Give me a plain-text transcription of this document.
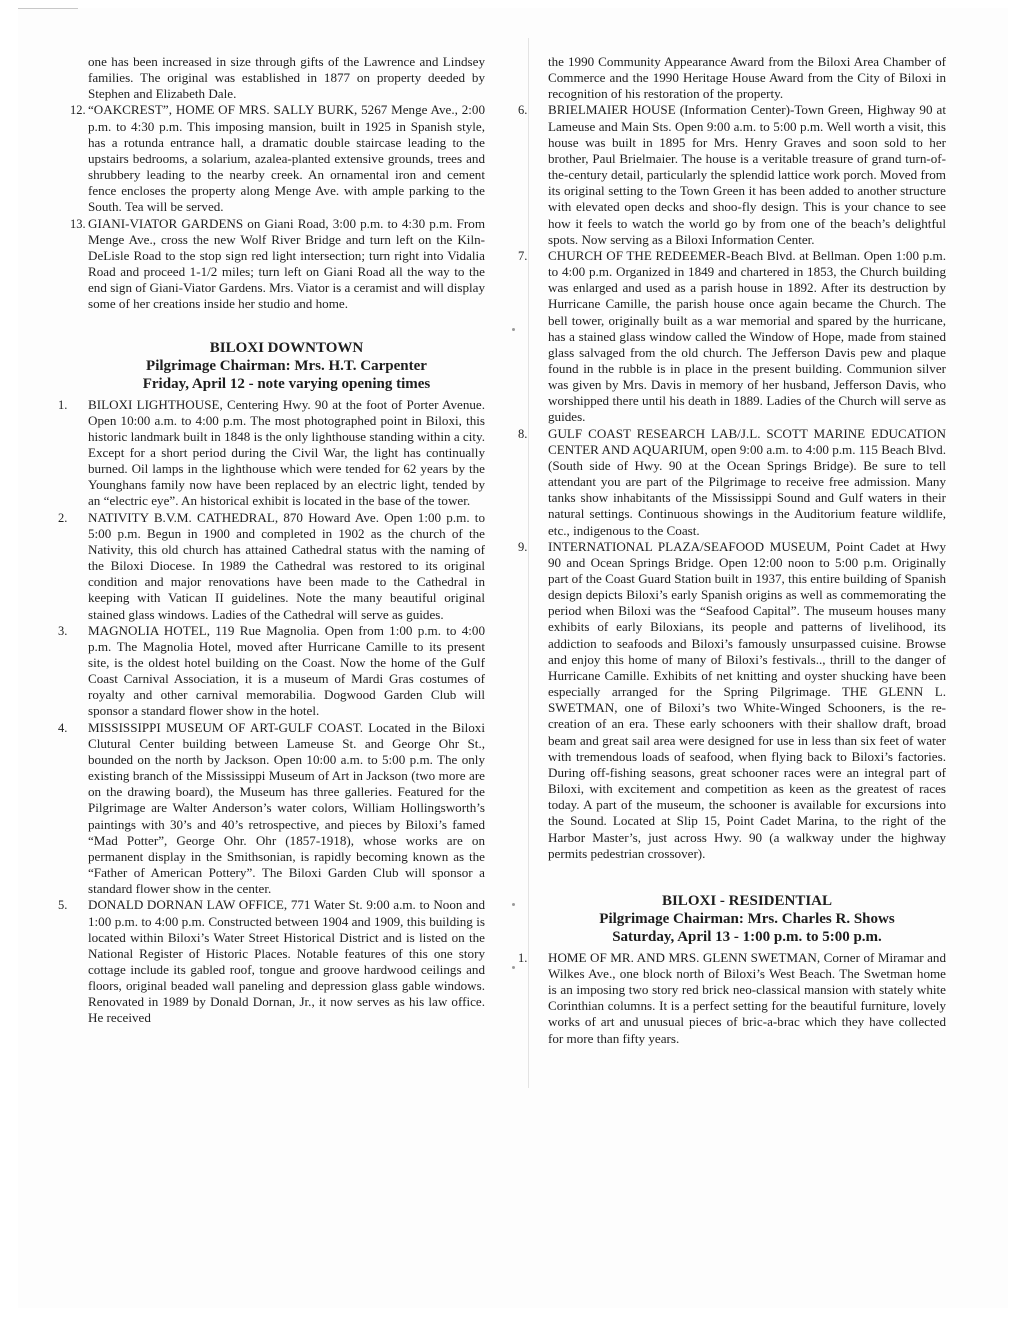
one has been increased in size through gifts of the Lawrence and Lindsey families. The original was established in 1877 on property deeded by Stephen and Elizabeth Dale.

12. “OAKCREST”, HOME OF MRS. SALLY BURK, 5267 Menge Ave., 2:00 p.m. to 4:30 p.m. This imposing mansion, built in 1925 in Spanish style, has a rotunda entrance hall, a dramatic double staircase leading to the upstairs bedrooms, a solarium, azalea-planted extensive grounds, trees and shrubbery leading to the nearby creek. An ornamental iron and cement fence encloses the property along Menge Ave. with ample parking to the South. Tea will be served.
13. GIANI-VIATOR GARDENS on Giani Road, 3:00 p.m. to 4:30 p.m. From Menge Ave., cross the new Wolf River Bridge and turn left on the Kiln-DeLisle Road to the stop sign red light intersection; turn right into Vidalia Road and proceed 1-1/2 miles; turn left on Giani Road all the way to the end sign of Giani-Viator Gardens. Mrs. Viator is a ceramist and will display some of her creations inside her studio and home.
BILOXI DOWNTOWN
Pilgrimage Chairman: Mrs. H.T. Carpenter
Friday, April 12 - note varying opening times
1. BILOXI LIGHTHOUSE, Centering Hwy. 90 at the foot of Porter Avenue. Open 10:00 a.m. to 4:00 p.m. The most photographed point in Biloxi, this historic landmark built in 1848 is the only lighthouse standing within a city. Except for a short period during the Civil War, the light has continually burned. Oil lamps in the lighthouse which were tended for 62 years by the Younghans family now have been replaced by an electric light, tended by an “electric eye”. An historical exhibit is located in the base of the tower.
2. NATIVITY B.V.M. CATHEDRAL, 870 Howard Ave. Open 1:00 p.m. to 5:00 p.m. Begun in 1900 and completed in 1902 as the church of the Nativity, this old church has attained Cathedral status with the naming of the Biloxi Diocese. In 1989 the Cathedral was restored to its original condition and major renovations have been made to the Cathedral in keeping with Vatican II guidelines. Note the many beautiful original stained glass windows. Ladies of the Cathedral will serve as guides.
3. MAGNOLIA HOTEL, 119 Rue Magnolia. Open from 1:00 p.m. to 4:00 p.m. The Magnolia Hotel, moved after Hurricane Camille to its present site, is the oldest hotel building on the Coast. Now the home of the Gulf Coast Carnival Association, it is a museum of Mardi Gras costumes of royalty and other carnival memorabilia. Dogwood Garden Club will sponsor a standard flower show in the hotel.
4. MISSISSIPPI MUSEUM OF ART-GULF COAST. Located in the Biloxi Clutural Center building between Lameuse St. and George Ohr St., bounded on the north by Jackson. Open 10:00 a.m. to 5:00 p.m. The only existing branch of the Mississippi Museum of Art in Jackson (two more are on the drawing board), the Museum has three galleries. Featured for the Pilgrimage are Walter Anderson’s water colors, William Hollingsworth’s paintings with 30’s and 40’s retrospective, and pieces by Biloxi’s famed “Mad Potter”, George Ohr. Ohr (1857-1918), whose works are on permanent display in the Smithsonian, is rapidly becoming known as the “Father of American Pottery”. The Biloxi Garden Club will sponsor a standard flower show in the center.
5. DONALD DORNAN LAW OFFICE, 771 Water St. 9:00 a.m. to Noon and 1:00 p.m. to 4:00 p.m. Constructed between 1904 and 1909, this building is located within Biloxi’s Water Street Historical District and is listed on the National Register of Historic Places. Notable features of this one story cottage include its gabled roof, tongue and groove hardwood ceilings and floors, original beaded wall paneling and depression glass gable windows. Renovated in 1989 by Donald Dornan, Jr., it now serves as his law office. He received

the 1990 Community Appearance Award from the Biloxi Area Chamber of Commerce and the 1990 Heritage House Award from the City of Biloxi in recognition of his restoration of the property.

6. BRIELMAIER HOUSE (Information Center)-Town Green, Highway 90 at Lameuse and Main Sts. Open 9:00 a.m. to 5:00 p.m. Well worth a visit, this house was built in 1895 for Mrs. Henry Graves and soon sold to her brother, Paul Brielmaier. The house is a veritable treasure of grand turn-of-the-century detail, particularly the splendid lattice work porch. Moved from its original setting to the Town Green it has been added to another structure with elevated open decks and shoo-fly design. This is your chance to see how it feels to watch the world go by from one of the beach’s delightful spots. Now serving as a Biloxi Information Center.
7. CHURCH OF THE REDEEMER-Beach Blvd. at Bellman. Open 1:00 p.m. to 4:00 p.m. Organized in 1849 and chartered in 1853, the Church building was enlarged and used as a parish house in 1892. After its destruction by Hurricane Camille, the parish house once again became the Church. The bell tower, originally built as a war memorial and spared by the hurricane, has a stained glass window called the Window of Hope, made from stained glass salvaged from the old church. The Jefferson Davis pew and plaque found in the rubble is in place in the present building. Communion silver was given by Mrs. Davis in memory of her husband, Jefferson Davis, who worshipped there until his death in 1889. Ladies of the Church will serve as guides.
8. GULF COAST RESEARCH LAB/J.L. SCOTT MARINE EDUCATION CENTER AND AQUARIUM, open 9:00 a.m. to 4:00 p.m. 115 Beach Blvd. (South side of Hwy. 90 at the Ocean Springs Bridge). Be sure to tell attendant you are part of the Pilgrimage to receive free admission. Many tanks show inhabitants of the Mississippi Sound and Gulf waters in their natural settings. Continuous showings in the Auditorium feature wildlife, etc., indigenous to the Coast.
9. INTERNATIONAL PLAZA/SEAFOOD MUSEUM, Point Cadet at Hwy 90 and Ocean Springs Bridge. Open 12:00 noon to 5:00 p.m. Originally part of the Coast Guard Station built in 1937, this entire building of Spanish design depicts Biloxi’s early Spanish origins as well as commemorating the period when Biloxi was the “Seafood Capital”. The museum houses many exhibits of early Biloxians, its people and patterns of livelihood, its addiction to seafoods and Biloxi’s famously unsurpassed cuisine. Browse and enjoy this home of many of Biloxi’s festivals.., thrill to the danger of Hurricane Camille. Exhibits of net knitting and oyster shucking have been especially arranged for the Spring Pilgrimage. THE GLENN L. SWETMAN, one of Biloxi’s two White-Winged Schooners, is the re-creation of an era. These early schooners with their shallow draft, broad beam and great sail area were designed for use in less than six feet of water with tremendous loads of seafood, when flying back to Biloxi’s factories. During off-fishing seasons, great schooner races were an integral part of Biloxi, with excitement and competition as keen as the greatest of races today. A part of the museum, the schooner is available for excursions into the Sound. Located at Slip 15, Point Cadet Marina, to the right of the Harbor Master’s, just across Hwy. 90 (a walkway under the highway permits pedestrian crossover).
BILOXI - RESIDENTIAL
Pilgrimage Chairman: Mrs. Charles R. Shows
Saturday, April 13 - 1:00 p.m. to 5:00 p.m.
1. HOME OF MR. AND MRS. GLENN SWETMAN, Corner of Miramar and Wilkes Ave., one block north of Biloxi’s West Beach. The Swetman home is an imposing two story red brick neo-classical mansion with stately white Corinthian columns. It is a perfect setting for the beautiful furniture, lovely works of art and unusual pieces of bric-a-brac which they have collected for more than fifty years.
